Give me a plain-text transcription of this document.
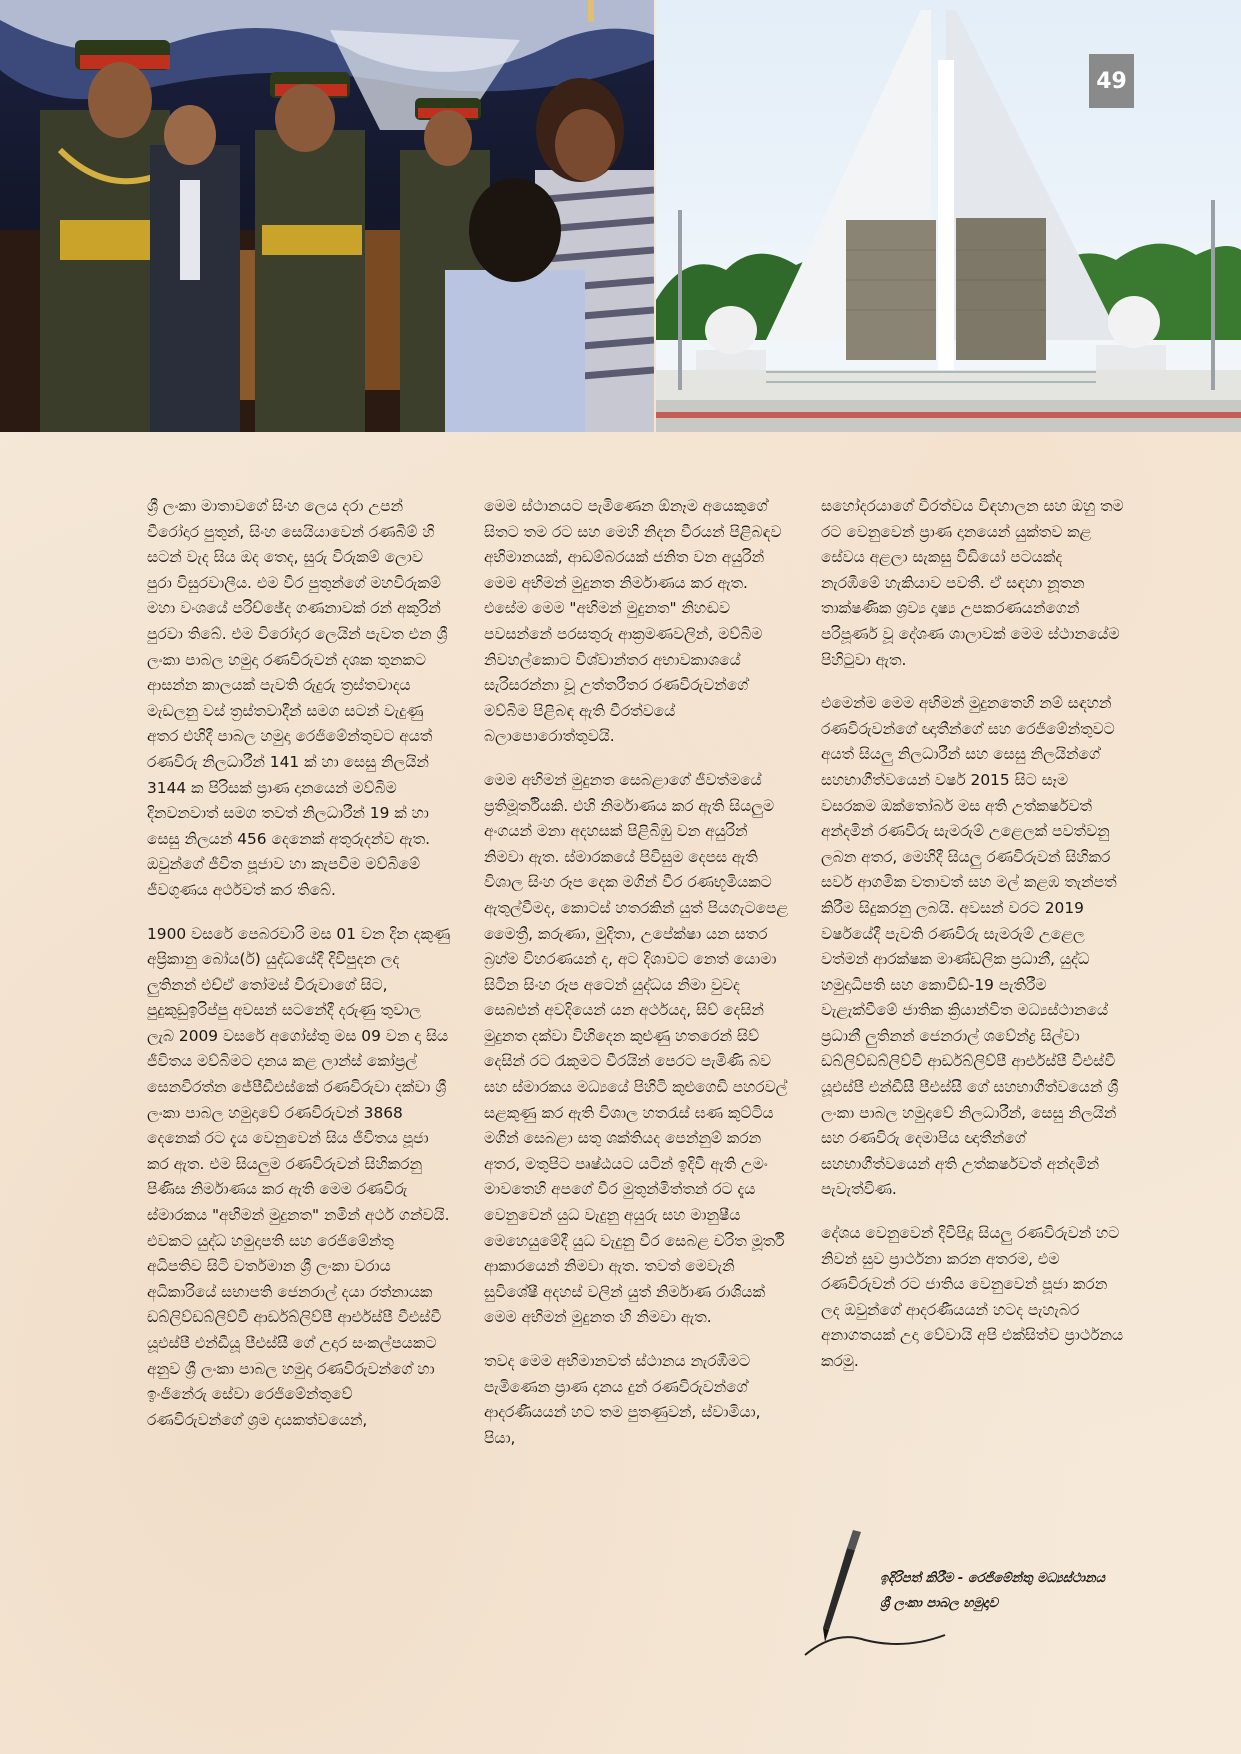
49

ශ්‍රී ලංකා මාතාවගේ සිංහ ලෙය දරා උපන් වීරෝදාර පුතුන්, සිංහ සෙයියාවෙන් රණබිම් හි සටන් වැද සිය ඔද තෙද, සුරු විරුකම් ලොව පුරා විසුරවාලීය. එම වීර පුතුන්ගේ මහවිරුකම් මහා වංශයේ පරිච්ඡේද ගණනාවක් රන් අකුරින් පුරවා තිබේ. එම විරෝදාර ලෙයින් පැවත එන ශ්‍රී ලංකා පාබල හමුදා රණවිරුවන් දශක තුනකට ආසන්න කාලයක් පැවති රුදුරු ත්‍රස්තවාදය මැඩලනු වස් ත්‍රස්තවාදීන් සමග සටන් වැදුණු අතර එහිදී පාබල හමුදා රෙජිමේන්තුවට අයත් රණවිරු නිලධාරීන් 141 ක් හා සෙසු නිලයින් 3144 ක පිරිසක් ප්‍රාණ දානයෙන් මව්බිම දිනවනවාත් සමග තවත් නිලධාරීන් 19 ක් හා සෙසු නිලයන් 456 දෙනෙක් අතුරුදන්ව ඇත. ඔවුන්ගේ ජීවිත පූජාව හා කැපවීම මව්බිමේ ජීවගුණය අර්ථවත් කර තිබේ.

1900 වසරේ පෙබරවාරි මස 01 වන දින දකුණු අප්‍රිකානු බෝය(ර්) යුද්ධයේදී දිවිපුදන ලද ලුතිනන් එච්ඒ තෝමස් විරුවාගේ සිට, පුදුකුඩුඉරිප්පු අවසන් සටනේදී දරුණු තුවාල ලැබ 2009 වසරේ අගෝස්තු මස 09 වන දා සිය ජීවිතය මව්බිමට දානය කළ ලාන්ස් කෝප්‍රල් සෙනවිරත්න ජේපීඩීඑස්කේ රණවිරුවා දක්වා ශ්‍රී ලංකා පාබල හමුදාවේ රණවිරුවන් 3868 දෙනෙක් රට දැය වෙනුවෙන් සිය ජීවිතය පූජා කර ඇත. එම සියලුම රණවිරුවන් සිහිකරනු පිණිස නිර්මාණය කර ඇති මෙම රණවිරු ස්මාරකය "අභිමන් මුදුනත" නමින් අර්ථ ගන්වයි. එවකට යුද්ධ හමුදාපති සහ රෙජිමේන්තු අධිපතිව සිටි වර්තමාන ශ්‍රී ලංකා වරාය අධිකාරියේ සභාපති ජෙනරාල් දයා රත්නායක ඩබ්ලිව්ඩබ්ලිව්වී ආර්ඩබ්ලිව්පී ආර්එස්පී වීඑස්වී යූඑස්පී එන්ඩීයූ පීඑස්සී ගේ උදාර සංකල්පයකට අනුව ශ්‍රී ලංකා පාබල හමුදා රණවිරුවන්ගේ හා ඉංජිනේරු සේවා රෙජිමේන්තුවේ රණවිරුවන්ගේ ශ්‍රම දායකත්වයෙන්,

මෙම ස්ථානයට පැමිණෙන ඕනෑම අයෙකුගේ සිතට තම රට සහ මෙහි නිදන වීරයන් පිළිබඳව අභිමානයක්, ආඩම්බරයක් ජනිත වන අයුරින් මෙම අභිමන් මුදුනත නිර්මාණය කර ඇත. එසේම මෙම "අභිමන් මුදුනත" නිහඬව පවසන්නේ පරසතුරු ආක්‍රමණවලින්, මව්බිම නිවහල්කොට විශ්වාන්තර අභාවකාශයේ සැරිසරන්නා වූ උත්තරීතර රණවිරුවන්ගේ මව්බිම පිළිබඳ ඇති වීරත්වයේ බලාපොරොත්තුවයි.

මෙම අභිමන් මුදුනත සෙබළාගේ ජීවත්මයේ ප්‍රතිමූර්තියකි. එහි නිර්මාණය කර ඇති සියලුම අංගයන් මනා අදහසක් පිළිබිඹු වන අයුරින් නිමවා ඇත. ස්මාරකයේ පිවිසුම දෙපස ඇති විශාල සිංහ රූප දෙක මගින් වීර රණභූමියකට ඇතුල්වීමද, කොටස් හතරකින් යුත් පියගැටපෙළ මෛත්‍රී, කරුණා, මුදිතා, උපේක්ෂා යන සතර බ්‍රහ්ම විහරණයන් ද, අට දිශාවට නෙත් යොමා සිටින සිංහ රූප අටෙන් යුද්ධය නිමා වුවද සෙබළුන් අවදියෙන් යන අර්ථයද, සිව් දෙසින් මුදුනත දක්වා විහිදෙන කුළුණු හතරෙන් සිව් දෙසින් රට රැකුමට වීරයින් පෙරට පැමිණි බව සහ ස්මාරකය මධ්‍යයේ පිහිටි කුළුගෙඩි පහරවල් සළකුණු කර ඇති විශාල හතරැස් ඝණ කුට්ටිය මගින් සෙබළා සතු ශක්තියද පෙන්නුම් කරන අතර, මතුපිට පෘෂ්ඨයට යටින් ඉදිවී ඇති උමං මාවතෙහි අපගේ වීර මුතුන්මිත්තන් රට දැය වෙනුවෙන් යුධ වැදුනු අයුරු සහ මානුෂීය මෙහෙයුමේදී යුධ වැදුනු වීර සෙබළ චරිත මූර්ති ආකාරයෙන් නිමවා ඇත. තවත් මෙවැනි සුවිශේෂී අදහස් වලින් යුත් නිර්මාණ රාශියක් මෙම අභිමන් මුදුනත හි නිමවා ඇත.

තවද මෙම අභිමානවත් ස්ථානය නැරඹීමට පැමිණෙන ප්‍රාණ දානය දුන් රණවිරුවන්ගේ ආදරණීයයන් හට තම පුතණුවන්, ස්වාමියා, පියා,

සහෝදරයාගේ වීරත්වය විඳහාලන සහ ඔහු තම රට වෙනුවෙන් ප්‍රාණ දානයෙන් යුක්තව කළ සේවය අළලා සැකසු වීඩියෝ පටයක්ද නැරඹීමේ හැකියාව පවතී. ඒ සඳහා නූතන තාක්ෂණික ශ්‍රව්‍ය දෘෂ්‍ය උපකරණයන්ගෙන් පරිපූර්ණ වූ දේශණ ශාලාවක් මෙම ස්ථානයේම පිහිටුවා ඇත.

එමෙන්ම මෙම අභිමන් මුදුනතෙහි නම් සඳහන් රණවිරුවන්ගේ ඥාතීන්ගේ සහ රෙජිමේන්තුවට අයත් සියලු නිලධාරීන් සහ සෙසු නිලයින්ගේ සහභාගීත්වයෙන් වර්ෂ 2015 සිට සෑම වසරකම ඔක්තෝබර් මස අති උත්කර්ෂවත් අන්දමින් රණවිරු සැමරුම් උළෙලක් පවත්වනු ලබන අතර, මෙහිදී සියලු රණවිරුවන් සිහිකර සර්ව ආගමික වතාවත් සහ මල් කළඹ තැන්පත් කිරීම සිදුකරනු ලබයි. අවසන් වරට 2019 වර්ෂයේදී පැවති රණවිරු සැමරුම් උළෙල වත්මන් ආරක්ෂක මාණ්ඩලික ප්‍රධානී, යුද්ධ හමුදාධිපති සහ කොවිඩ්-19 පැතිරීම වැළැක්වීමේ ජාතික ක්‍රියාන්විත මධ්‍යස්ථානයේ ප්‍රධානී ලුතිනන් ජෙනරාල් ශවේන්ද්‍ර සිල්වා ඩබ්ලිව්ඩබ්ලිව්වී ආර්ඩබ්ලිව්පී ආර්එස්පී වීඑස්වී යූඑස්පී එන්ඩීසී පීඑස්සී ගේ සහභාගීත්වයෙන් ශ්‍රී ලංකා පාබල හමුදාවේ නිලධාරීන්, සෙසු නිලයින් සහ රණවිරු දෙමාපිය ඥාතීන්ගේ සහභාගීත්වයෙන් අති උත්කර්ෂවත් අන්දමින් පැවැත්විණ.

දේශය වෙනුවෙන් දිවිපිදූ සියලු රණවිරුවන් හට නිවන් සුව ප්‍රාර්ථනා කරන අතරම, එම රණවිරුවන් රට ජාතිය වෙනුවෙන් පූජා කරන ලද ඔවුන්ගේ ආදරණීයයන් හටද පැහැබර අනාගතයක් උදා වේවායි අපි එක්සිත්ව ප්‍රාර්ථනය කරමු.

ඉදිරිපත් කිරීම - රෙජිමේන්තු මධ්‍යස්ථානය
ශ්‍රී ලංකා පාබල හමුදාව
